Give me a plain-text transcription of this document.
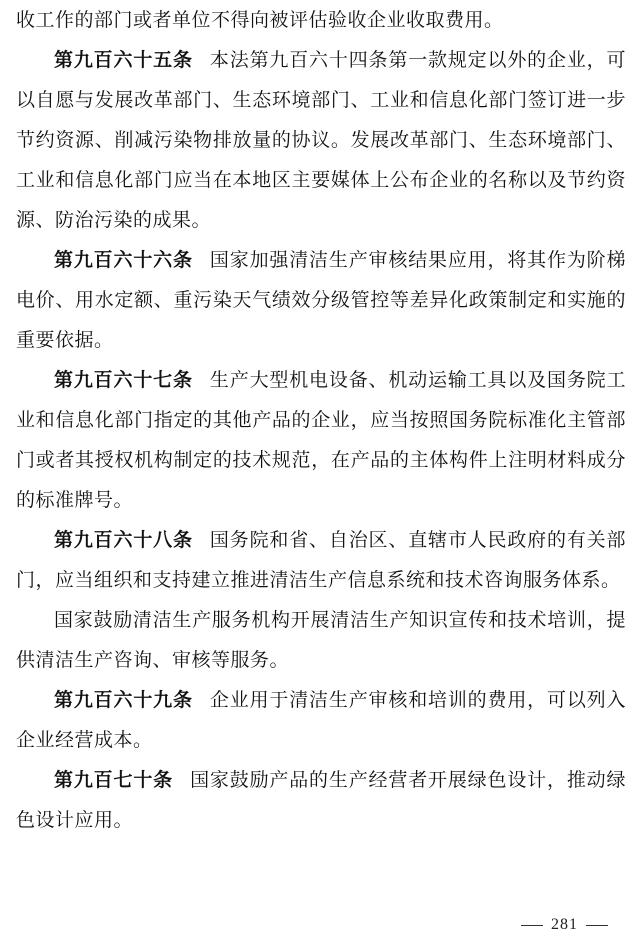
收工作的部门或者单位不得向被评估验收企业收取费用。

第九百六十五条 本法第九百六十四条第一款规定以外的企业，可以自愿与发展改革部门、生态环境部门、工业和信息化部门签订进一步节约资源、削减污染物排放量的协议。发展改革部门、生态环境部门、工业和信息化部门应当在本地区主要媒体上公布企业的名称以及节约资源、防治污染的成果。

第九百六十六条 国家加强清洁生产审核结果应用，将其作为阶梯电价、用水定额、重污染天气绩效分级管控等差异化政策制定和实施的重要依据。

第九百六十七条 生产大型机电设备、机动运输工具以及国务院工业和信息化部门指定的其他产品的企业，应当按照国务院标准化主管部门或者其授权机构制定的技术规范，在产品的主体构件上注明材料成分的标准牌号。

第九百六十八条 国务院和省、自治区、直辖市人民政府的有关部门，应当组织和支持建立推进清洁生产信息系统和技术咨询服务体系。

国家鼓励清洁生产服务机构开展清洁生产知识宣传和技术培训，提供清洁生产咨询、审核等服务。

第九百六十九条 企业用于清洁生产审核和培训的费用，可以列入企业经营成本。

第九百七十条 国家鼓励产品的生产经营者开展绿色设计，推动绿色设计应用。

281
